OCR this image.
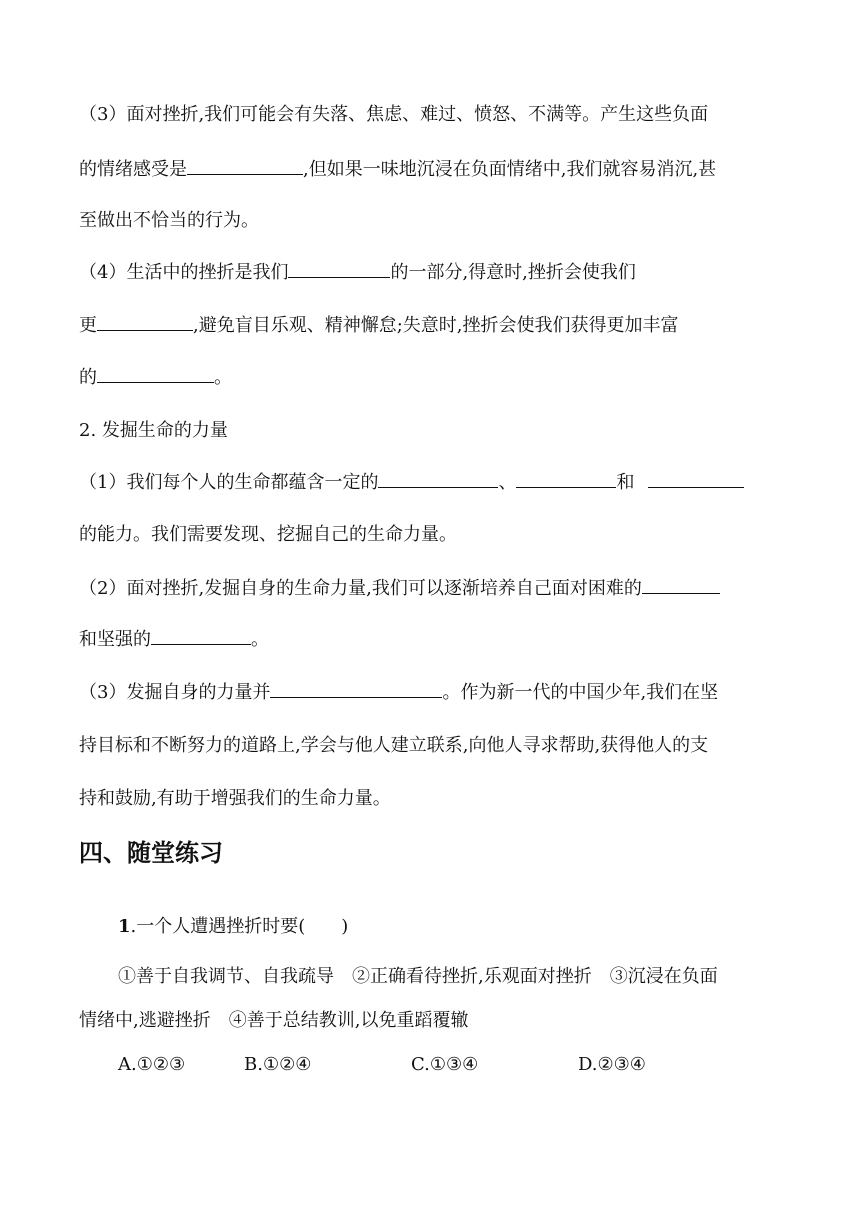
（3）面对挫折,我们可能会有失落、焦虑、难过、愤怒、不满等。产生这些负面
的情绪感受是	,但如果一味地沉浸在负面情绪中,我们就容易消沉,甚
至做出不恰当的行为。
（4）生活中的挫折是我们	的一部分,得意时,挫折会使我们
更	,避免盲目乐观、精神懈怠;失意时,挫折会使我们获得更加丰富
的	。
2. 发掘生命的力量
（1）我们每个人的生命都蕴含一定的	、	和
的能力。我们需要发现、挖掘自己的生命力量。
（2）面对挫折,发掘自身的生命力量,我们可以逐渐培养自己面对困难的
和坚强的	。
（3）发掘自身的力量并	。作为新一代的中国少年,我们在坚
持目标和不断努力的道路上,学会与他人建立联系,向他人寻求帮助,获得他人的支
持和鼓励,有助于增强我们的生命力量。
四、随堂练习
1.一个人遭遇挫折时要(　　)
①善于自我调节、自我疏导　②正确看待挫折,乐观面对挫折　③沉浸在负面
情绪中,逃避挫折　④善于总结教训,以免重蹈覆辙
A.①②③	B.①②④	C.①③④	D.②③④
